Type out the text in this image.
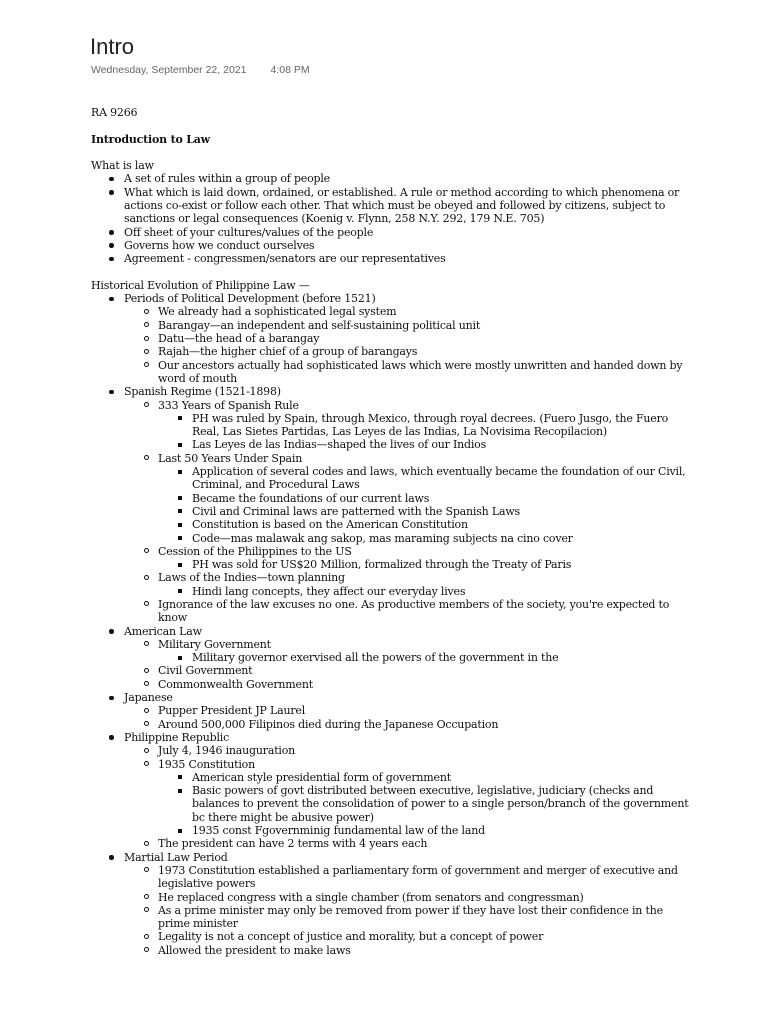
Intro
Wednesday, September 22, 2021 4:08 PM

RA 9266

Introduction to Law

What is law

A set of rules within a group of people
What which is laid down, ordained, or established. A rule or method according to which phenomena or actions co-exist or follow each other. That which must be obeyed and followed by citizens, subject to sanctions or legal consequences (Koenig v. Flynn, 258 N.Y. 292, 179 N.E. 705)
Off sheet of your cultures/values of the people
Governs how we conduct ourselves
Agreement - congressmen/senators are our representatives

Historical Evolution of Philippine Law —

Periods of Political Development (before 1521)
We already had a sophisticated legal system
Barangay—an independent and self-sustaining political unit
Datu—the head of a barangay
Rajah—the higher chief of a group of barangays
Our ancestors actually had sophisticated laws which were mostly unwritten and handed down by word of mouth
Spanish Regime (1521-1898)
333 Years of Spanish Rule
PH was ruled by Spain, through Mexico, through royal decrees. (Fuero Jusgo, the Fuero Real, Las Sietes Partidas, Las Leyes de las Indias, La Novisima Recopilacion)
Las Leyes de las Indias—shaped the lives of our Indios
Last 50 Years Under Spain
Application of several codes and laws, which eventually became the foundation of our Civil, Criminal, and Procedural Laws
Became the foundations of our current laws
Civil and Criminal laws are patterned with the Spanish Laws
Constitution is based on the American Constitution
Code—mas malawak ang sakop, mas maraming subjects na cino cover
Cession of the Philippines to the US
PH was sold for US$20 Million, formalized through the Treaty of Paris
Laws of the Indies—town planning
Hindi lang concepts, they affect our everyday lives
Ignorance of the law excuses no one. As productive members of the society, you're expected to know
American Law
Military Government
Military governor exervised all the powers of the government in the
Civil Government
Commonwealth Government
Japanese
Pupper President JP Laurel
Around 500,000 Filipinos died during the Japanese Occupation
Philippine Republic
July 4, 1946 inauguration
1935 Constitution
American style presidential form of government
Basic powers of govt distributed between executive, legislative, judiciary (checks and balances to prevent the consolidation of power to a single person/branch of the government bc there might be abusive power)
1935 const Fgovernminig fundamental law of the land
The president can have 2 terms with 4 years each
Martial Law Period
1973 Constitution established a parliamentary form of government and merger of executive and legislative powers
He replaced congress with a single chamber (from senators and congressman)
As a prime minister may only be removed from power if they have lost their confidence in the prime minister
Legality is not a concept of justice and morality, but a concept of power
Allowed the president to make laws
